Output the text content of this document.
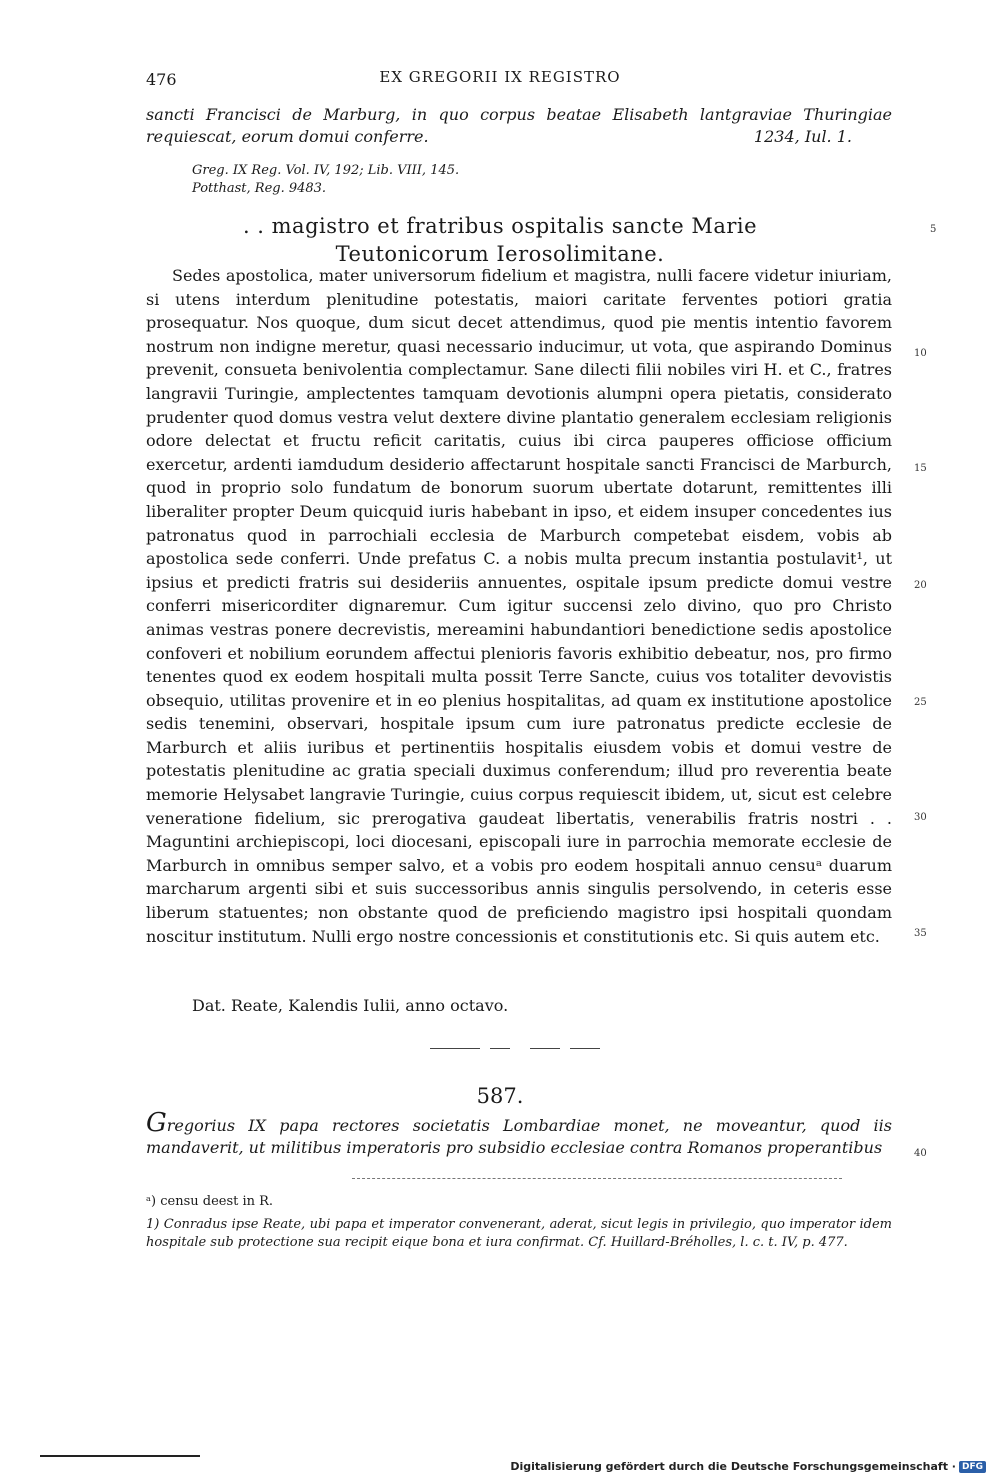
476	EX GREGORII IX REGISTRO
sancti Francisci de Marburg, in quo corpus beatae Elisabeth lantgraviae Thuringiae requiescat, eorum domui conferre.	1234, Iul. 1.
Greg. IX Reg. Vol. IV, 192; Lib. VIII, 145.
Potthast, Reg. 9483.
. . magistro et fratribus ospitalis sancte Marie
Teutonicorum Ierosolimitane.

Sedes apostolica, mater universorum fidelium et magistra, nulli facere videtur iniuriam, si utens interdum plenitudine potestatis, maiori caritate ferventes potiori gratia prosequatur. Nos quoque, dum sicut decet attendimus, quod pie mentis intentio favorem nostrum non indigne meretur, quasi necessario inducimur, ut vota, que aspirando Dominus prevenit, consueta benivolentia complectamur. Sane dilecti filii nobiles viri H. et C., fratres langravii Turingie, amplectentes tamquam devotionis alumpni opera pietatis, considerato prudenter quod domus vestra velut dextere divine plantatio generalem ecclesiam religionis odore delectat et fructu reficit caritatis, cuius ibi circa pauperes officiose officium exercetur, ardenti iamdudum desiderio affectarunt hospitale sancti Francisci de Marburch, quod in proprio solo fundatum de bonorum suorum ubertate dotarunt, remittentes illi liberaliter propter Deum quicquid iuris habebant in ipso, et eidem insuper concedentes ius patronatus quod in parrochiali ecclesia de Marburch competebat eisdem, vobis ab apostolica sede conferri. Unde prefatus C. a nobis multa precum instantia postulavit¹, ut ipsius et predicti fratris sui desideriis annuentes, ospitale ipsum predicte domui vestre conferri misericorditer dignaremur. Cum igitur succensi zelo divino, quo pro Christo animas vestras ponere decrevistis, mereamini habundantiori benedictione sedis apostolice confoveri et nobilium eorundem affectui plenioris favoris exhibitio debeatur, nos, pro firmo tenentes quod ex eodem hospitali multa possit Terre Sancte, cuius vos totaliter devovistis obsequio, utilitas provenire et in eo plenius hospitalitas, ad quam ex institutione apostolice sedis tenemini, observari, hospitale ipsum cum iure patronatus predicte ecclesie de Marburch et aliis iuribus et pertinentiis hospitalis eiusdem vobis et domui vestre de potestatis plenitudine ac gratia speciali duximus conferendum; illud pro reverentia beate memorie Helysabet langravie Turingie, cuius corpus requiescit ibidem, ut, sicut est celebre veneratione fidelium, sic prerogativa gaudeat libertatis, venerabilis fratris nostri . . Maguntini archiepiscopi, loci diocesani, episcopali iure in parrochia memorate ecclesie de Marburch in omnibus semper salvo, et a vobis pro eodem hospitali annuo censuᵃ duarum marcharum argenti sibi et suis successoribus annis singulis persolvendo, in ceteris esse liberum statuentes; non obstante quod de preficiendo magistro ipsi hospitali quondam noscitur institutum. Nulli ergo nostre concessionis et constitutionis etc. Si quis autem etc.

Dat. Reate, Kalendis Iulii, anno octavo.
5
10
15
20
25
30
35
40
587.
Gregorius IX papa rectores societatis Lombardiae monet, ne moveantur, quod iis mandaverit, ut militibus imperatoris pro subsidio ecclesiae contra Romanos properantibus
ᵃ) censu deest in R.
1) Conradus ipse Reate, ubi papa et imperator convenerant, aderat, sicut legis in privilegio, quo imperator idem hospitale sub protectione sua recipit eique bona et iura confirmat. Cf. Huillard-Bréholles, l. c. t. IV, p. 477.
Digitalisierung gefördert durch die Deutsche Forschungsgemeinschaft · DFG
